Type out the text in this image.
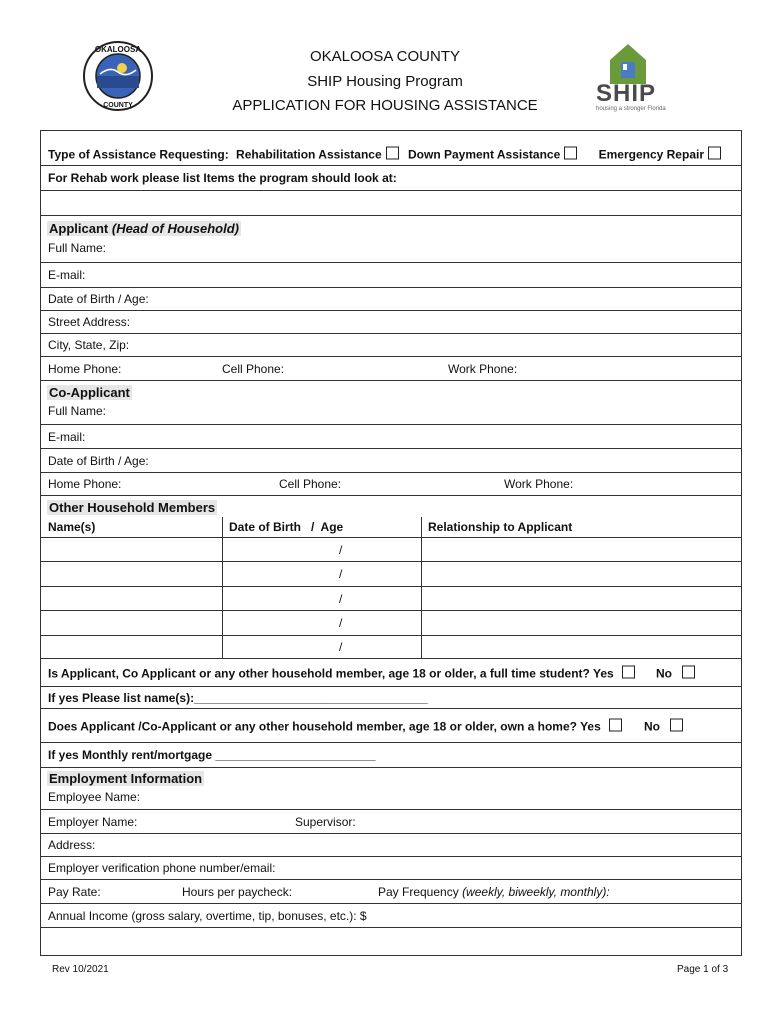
OKALOOSA
COUNTY
OKALOOSA COUNTY
SHIP Housing Program
APPLICATION FOR HOUSING ASSISTANCE	SHIP
housing a stronger Florida
Type of Assistance Requesting: Rehabilitation Assistance Down Payment Assistance	Emergency Repair
For Rehab work please list Items the program should look at:
Applicant (Head of Household)
Full Name:
E-mail:
Date of Birth / Age:
Street Address:
City, State, Zip:
Home Phone:	Cell Phone:	Work Phone:
Co-Applicant
Full Name:
E-mail:
Date of Birth / Age:
Home Phone:	Cell Phone:	Work Phone:
Other Household Members
Name(s)	Date of Birth   /  Age	Relationship to Applicant
/
/
/
/
/
Is Applicant, Co Applicant or any other household member, age 18 or older, a full time student? Yes	No
If yes Please list name(s):___________________________________
Does Applicant /Co-Applicant or any other household member, age 18 or older, own a home? Yes	No
If yes Monthly rent/mortgage ________________________
Employment Information
Employee Name:
Employer Name:	Supervisor:
Address:
Employer verification phone number/email:
Pay Rate:	Hours per paycheck:	Pay Frequency (weekly, biweekly, monthly):
Annual Income (gross salary, overtime, tip, bonuses, etc.): $
Rev 10/2021	Page 1 of 3
